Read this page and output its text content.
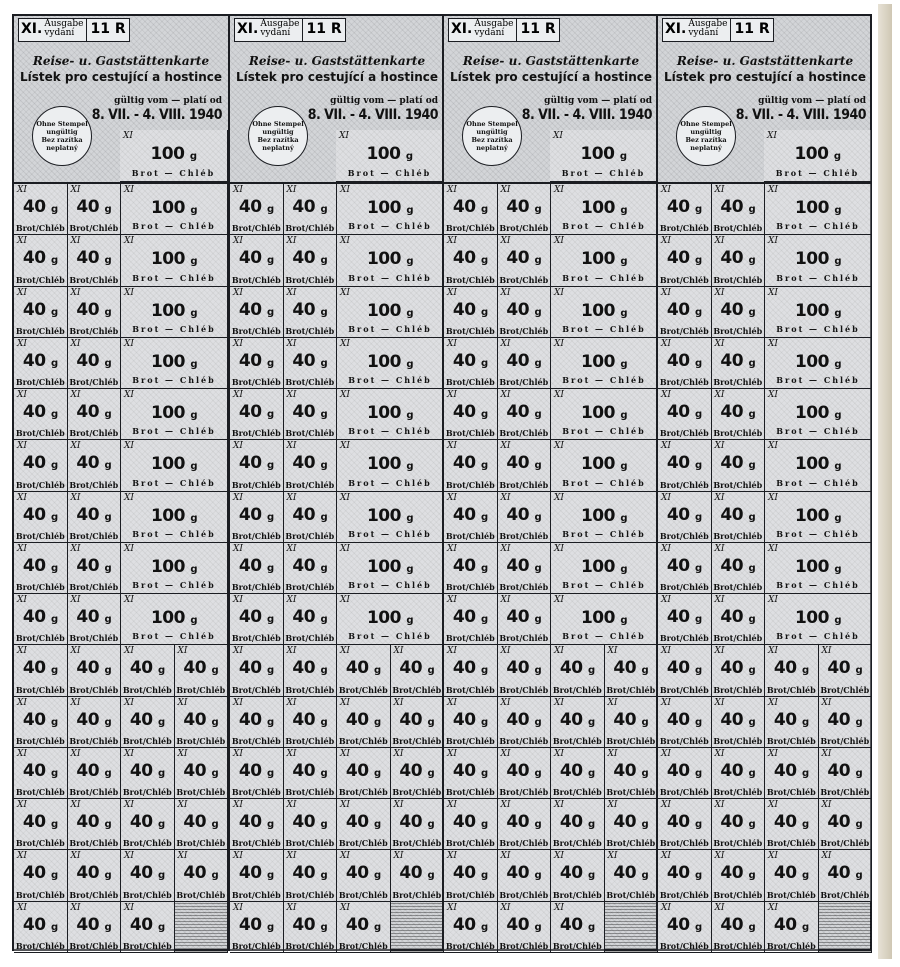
XI. Ausgabe
vydání	11 R
Reise- u. Gaststättenkarte
Lístek pro cestující a hostince
gültig vom — platí od
8. VII. - 4. VIII. 1940
Ohne Stempel
ungültig
Bez razítka
neplatný
XI
100 g
Brot — Chléb
XI
40 g
Brot/Chléb
XI
40 g
Brot/Chléb
XI
100 g
Brot — Chléb
XI
40 g
Brot/Chléb
XI
40 g
Brot/Chléb
XI
100 g
Brot — Chléb
XI
40 g
Brot/Chléb
XI
40 g
Brot/Chléb
XI
100 g
Brot — Chléb
XI
40 g
Brot/Chléb
XI
40 g
Brot/Chléb
XI
100 g
Brot — Chléb
XI
40 g
Brot/Chléb
XI
40 g
Brot/Chléb
XI
100 g
Brot — Chléb
XI
40 g
Brot/Chléb
XI
40 g
Brot/Chléb
XI
100 g
Brot — Chléb
XI
40 g
Brot/Chléb
XI
40 g
Brot/Chléb
XI
100 g
Brot — Chléb
XI
40 g
Brot/Chléb
XI
40 g
Brot/Chléb
XI
100 g
Brot — Chléb
XI
40 g
Brot/Chléb
XI
40 g
Brot/Chléb
XI
100 g
Brot — Chléb
XI
40 g
Brot/Chléb
XI
40 g
Brot/Chléb
XI
40 g
Brot/Chléb
XI
40 g
Brot/Chléb
XI
40 g
Brot/Chléb
XI
40 g
Brot/Chléb
XI
40 g
Brot/Chléb
XI
40 g
Brot/Chléb
XI
40 g
Brot/Chléb
XI
40 g
Brot/Chléb
XI
40 g
Brot/Chléb
XI
40 g
Brot/Chléb
XI
40 g
Brot/Chléb
XI
40 g
Brot/Chléb
XI
40 g
Brot/Chléb
XI
40 g
Brot/Chléb
XI
40 g
Brot/Chléb
XI
40 g
Brot/Chléb
XI
40 g
Brot/Chléb
XI
40 g
Brot/Chléb
XI
40 g
Brot/Chléb
XI
40 g
Brot/Chléb
XI
40 g
Brot/Chléb
XI. Ausgabe
vydání	11 R
Reise- u. Gaststättenkarte
Lístek pro cestující a hostince
gültig vom — platí od
8. VII. - 4. VIII. 1940
Ohne Stempel
ungültig
Bez razítka
neplatný
XI
100 g
Brot — Chléb
XI
40 g
Brot/Chléb
XI
40 g
Brot/Chléb
XI
100 g
Brot — Chléb
XI
40 g
Brot/Chléb
XI
40 g
Brot/Chléb
XI
100 g
Brot — Chléb
XI
40 g
Brot/Chléb
XI
40 g
Brot/Chléb
XI
100 g
Brot — Chléb
XI
40 g
Brot/Chléb
XI
40 g
Brot/Chléb
XI
100 g
Brot — Chléb
XI
40 g
Brot/Chléb
XI
40 g
Brot/Chléb
XI
100 g
Brot — Chléb
XI
40 g
Brot/Chléb
XI
40 g
Brot/Chléb
XI
100 g
Brot — Chléb
XI
40 g
Brot/Chléb
XI
40 g
Brot/Chléb
XI
100 g
Brot — Chléb
XI
40 g
Brot/Chléb
XI
40 g
Brot/Chléb
XI
100 g
Brot — Chléb
XI
40 g
Brot/Chléb
XI
40 g
Brot/Chléb
XI
100 g
Brot — Chléb
XI
40 g
Brot/Chléb
XI
40 g
Brot/Chléb
XI
40 g
Brot/Chléb
XI
40 g
Brot/Chléb
XI
40 g
Brot/Chléb
XI
40 g
Brot/Chléb
XI
40 g
Brot/Chléb
XI
40 g
Brot/Chléb
XI
40 g
Brot/Chléb
XI
40 g
Brot/Chléb
XI
40 g
Brot/Chléb
XI
40 g
Brot/Chléb
XI
40 g
Brot/Chléb
XI
40 g
Brot/Chléb
XI
40 g
Brot/Chléb
XI
40 g
Brot/Chléb
XI
40 g
Brot/Chléb
XI
40 g
Brot/Chléb
XI
40 g
Brot/Chléb
XI
40 g
Brot/Chléb
XI
40 g
Brot/Chléb
XI
40 g
Brot/Chléb
XI
40 g
Brot/Chléb
XI. Ausgabe
vydání	11 R
Reise- u. Gaststättenkarte
Lístek pro cestující a hostince
gültig vom — platí od
8. VII. - 4. VIII. 1940
Ohne Stempel
ungültig
Bez razítka
neplatný
XI
100 g
Brot — Chléb
XI
40 g
Brot/Chléb
XI
40 g
Brot/Chléb
XI
100 g
Brot — Chléb
XI
40 g
Brot/Chléb
XI
40 g
Brot/Chléb
XI
100 g
Brot — Chléb
XI
40 g
Brot/Chléb
XI
40 g
Brot/Chléb
XI
100 g
Brot — Chléb
XI
40 g
Brot/Chléb
XI
40 g
Brot/Chléb
XI
100 g
Brot — Chléb
XI
40 g
Brot/Chléb
XI
40 g
Brot/Chléb
XI
100 g
Brot — Chléb
XI
40 g
Brot/Chléb
XI
40 g
Brot/Chléb
XI
100 g
Brot — Chléb
XI
40 g
Brot/Chléb
XI
40 g
Brot/Chléb
XI
100 g
Brot — Chléb
XI
40 g
Brot/Chléb
XI
40 g
Brot/Chléb
XI
100 g
Brot — Chléb
XI
40 g
Brot/Chléb
XI
40 g
Brot/Chléb
XI
100 g
Brot — Chléb
XI
40 g
Brot/Chléb
XI
40 g
Brot/Chléb
XI
40 g
Brot/Chléb
XI
40 g
Brot/Chléb
XI
40 g
Brot/Chléb
XI
40 g
Brot/Chléb
XI
40 g
Brot/Chléb
XI
40 g
Brot/Chléb
XI
40 g
Brot/Chléb
XI
40 g
Brot/Chléb
XI
40 g
Brot/Chléb
XI
40 g
Brot/Chléb
XI
40 g
Brot/Chléb
XI
40 g
Brot/Chléb
XI
40 g
Brot/Chléb
XI
40 g
Brot/Chléb
XI
40 g
Brot/Chléb
XI
40 g
Brot/Chléb
XI
40 g
Brot/Chléb
XI
40 g
Brot/Chléb
XI
40 g
Brot/Chléb
XI
40 g
Brot/Chléb
XI
40 g
Brot/Chléb
XI. Ausgabe
vydání	11 R
Reise- u. Gaststättenkarte
Lístek pro cestující a hostince
gültig vom — platí od
8. VII. - 4. VIII. 1940
Ohne Stempel
ungültig
Bez razítka
neplatný
XI
100 g
Brot — Chléb
XI
40 g
Brot/Chléb
XI
40 g
Brot/Chléb
XI
100 g
Brot — Chléb
XI
40 g
Brot/Chléb
XI
40 g
Brot/Chléb
XI
100 g
Brot — Chléb
XI
40 g
Brot/Chléb
XI
40 g
Brot/Chléb
XI
100 g
Brot — Chléb
XI
40 g
Brot/Chléb
XI
40 g
Brot/Chléb
XI
100 g
Brot — Chléb
XI
40 g
Brot/Chléb
XI
40 g
Brot/Chléb
XI
100 g
Brot — Chléb
XI
40 g
Brot/Chléb
XI
40 g
Brot/Chléb
XI
100 g
Brot — Chléb
XI
40 g
Brot/Chléb
XI
40 g
Brot/Chléb
XI
100 g
Brot — Chléb
XI
40 g
Brot/Chléb
XI
40 g
Brot/Chléb
XI
100 g
Brot — Chléb
XI
40 g
Brot/Chléb
XI
40 g
Brot/Chléb
XI
100 g
Brot — Chléb
XI
40 g
Brot/Chléb
XI
40 g
Brot/Chléb
XI
40 g
Brot/Chléb
XI
40 g
Brot/Chléb
XI
40 g
Brot/Chléb
XI
40 g
Brot/Chléb
XI
40 g
Brot/Chléb
XI
40 g
Brot/Chléb
XI
40 g
Brot/Chléb
XI
40 g
Brot/Chléb
XI
40 g
Brot/Chléb
XI
40 g
Brot/Chléb
XI
40 g
Brot/Chléb
XI
40 g
Brot/Chléb
XI
40 g
Brot/Chléb
XI
40 g
Brot/Chléb
XI
40 g
Brot/Chléb
XI
40 g
Brot/Chléb
XI
40 g
Brot/Chléb
XI
40 g
Brot/Chléb
XI
40 g
Brot/Chléb
XI
40 g
Brot/Chléb
XI
40 g
Brot/Chléb
